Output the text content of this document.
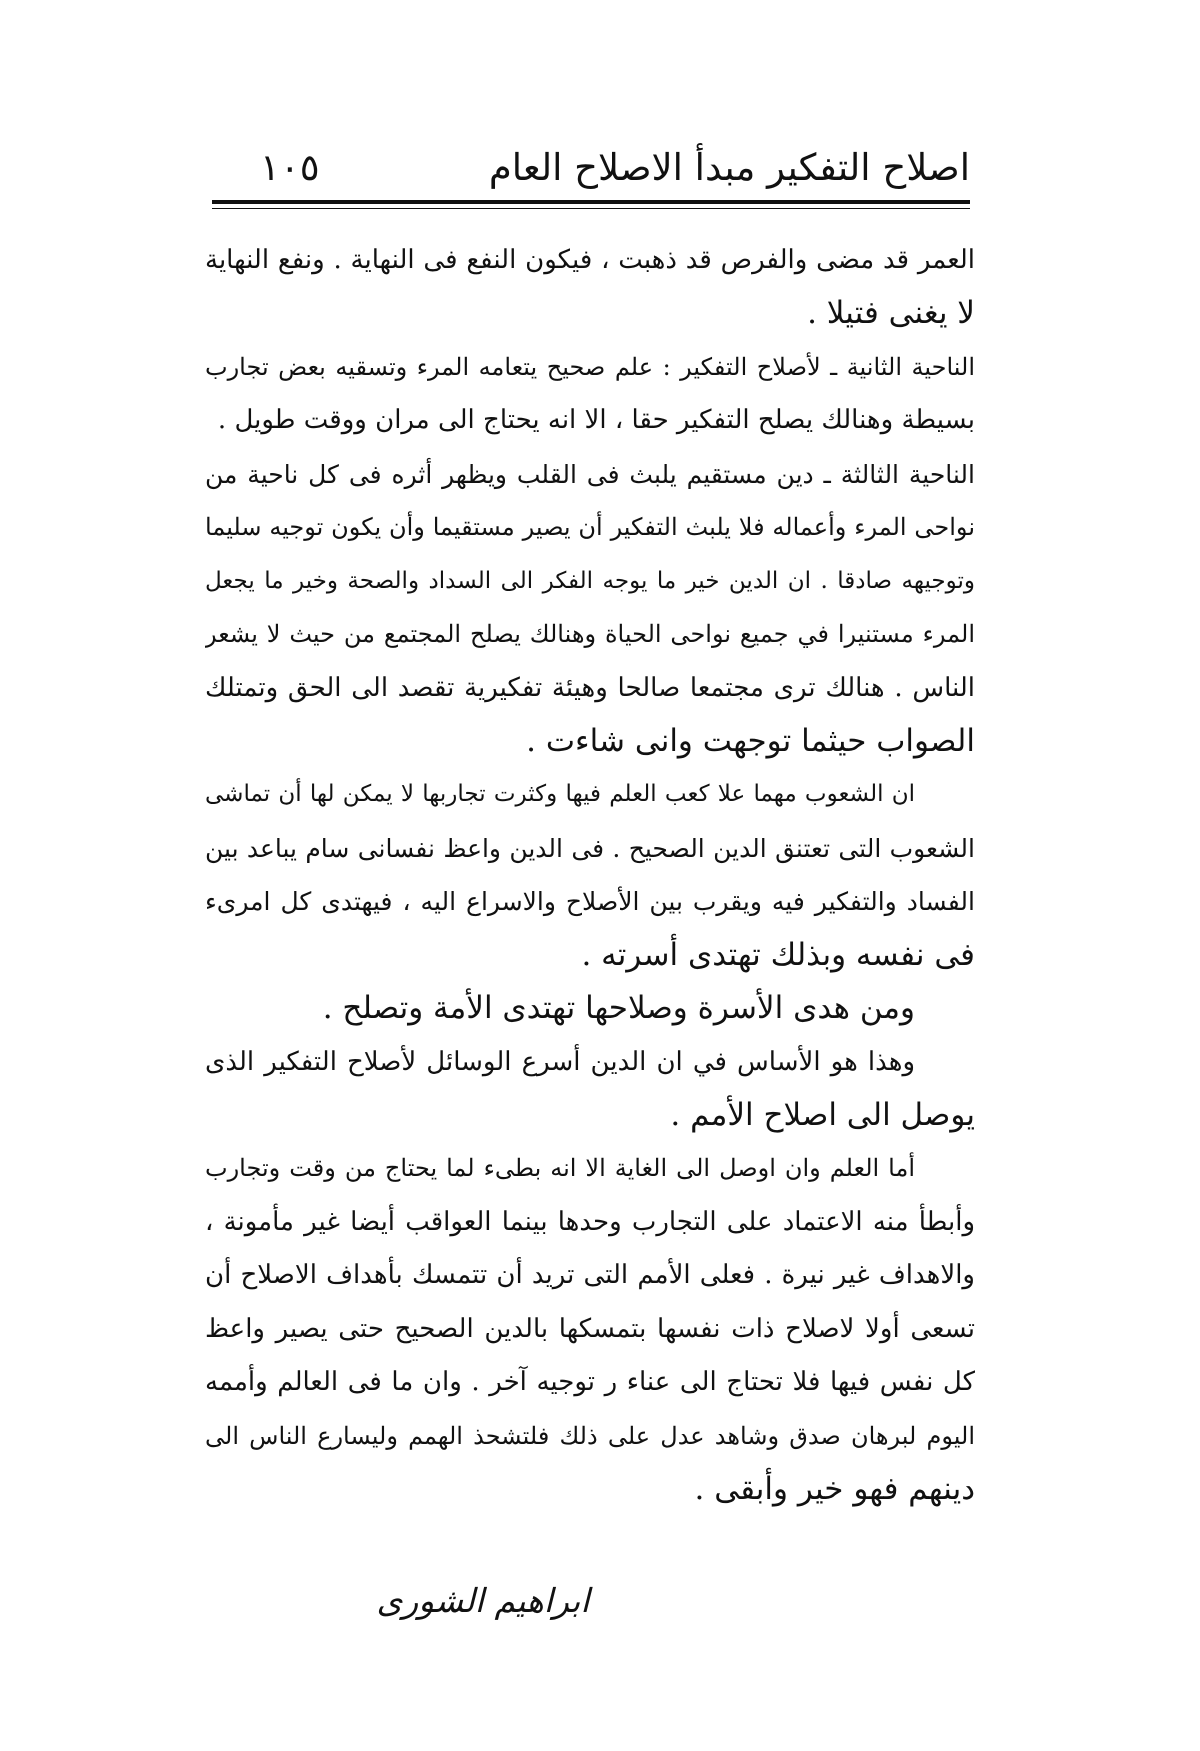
اصلاح التفكير مبدأ الاصلاح العام
١٠٥
العمر قد مضى والفرص قد ذهبت ، فيكون النفع فى النهاية . ونفع النهاية
لا يغنى فتيلا .
الناحية الثانية ـ لأصلاح التفكير : علم صحيح يتعامه المرء وتسقيه بعض تجارب
بسيطة وهنالك يصلح التفكير حقا ، الا انه يحتاج الى مران ووقت طويل .
الناحية الثالثة ـ دين مستقيم يلبث فى القلب ويظهر أثره فى كل ناحية من
نواحى المرء وأعماله فلا يلبث التفكير أن يصير مستقيما وأن يكون توجيه سليما
وتوجيهه صادقا . ان الدين خير ما يوجه الفكر الى السداد والصحة وخير ما يجعل
المرء مستنيرا في جميع نواحى الحياة وهنالك يصلح المجتمع من حيث لا يشعر
الناس . هنالك ترى مجتمعا صالحا وهيئة تفكيرية تقصد الى الحق وتمتلك
الصواب حيثما توجهت وانى شاءت .
ان الشعوب مهما علا كعب العلم فيها وكثرت تجاربها لا يمكن لها أن تماشى
الشعوب التى تعتنق الدين الصحيح . فى الدين واعظ نفسانى سام يباعد بين
الفساد والتفكير فيه ويقرب بين الأصلاح والاسراع اليه ، فيهتدى كل امرىء
فى نفسه وبذلك تهتدى أسرته .
ومن هدى الأسرة وصلاحها تهتدى الأمة وتصلح .
وهذا هو الأساس في ان الدين أسرع الوسائل لأصلاح التفكير الذى
يوصل الى اصلاح الأمم .
أما العلم وان اوصل الى الغاية الا انه بطىء لما يحتاج من وقت وتجارب
وأبطأ منه الاعتماد على التجارب وحدها بينما العواقب أيضا غير مأمونة ،
والاهداف غير نيرة . فعلى الأمم التى تريد أن تتمسك بأهداف الاصلاح أن
تسعى أولا لاصلاح ذات نفسها بتمسكها بالدين الصحيح حتى يصير واعظ
كل نفس فيها فلا تحتاج الى عناء ر توجيه آخر . وان ما فى العالم وأممه
اليوم لبرهان صدق وشاهد عدل على ذلك فلتشحذ الهمم وليسارع الناس الى
دينهم فهو خير وأبقى .
ابراهيم الشورى
